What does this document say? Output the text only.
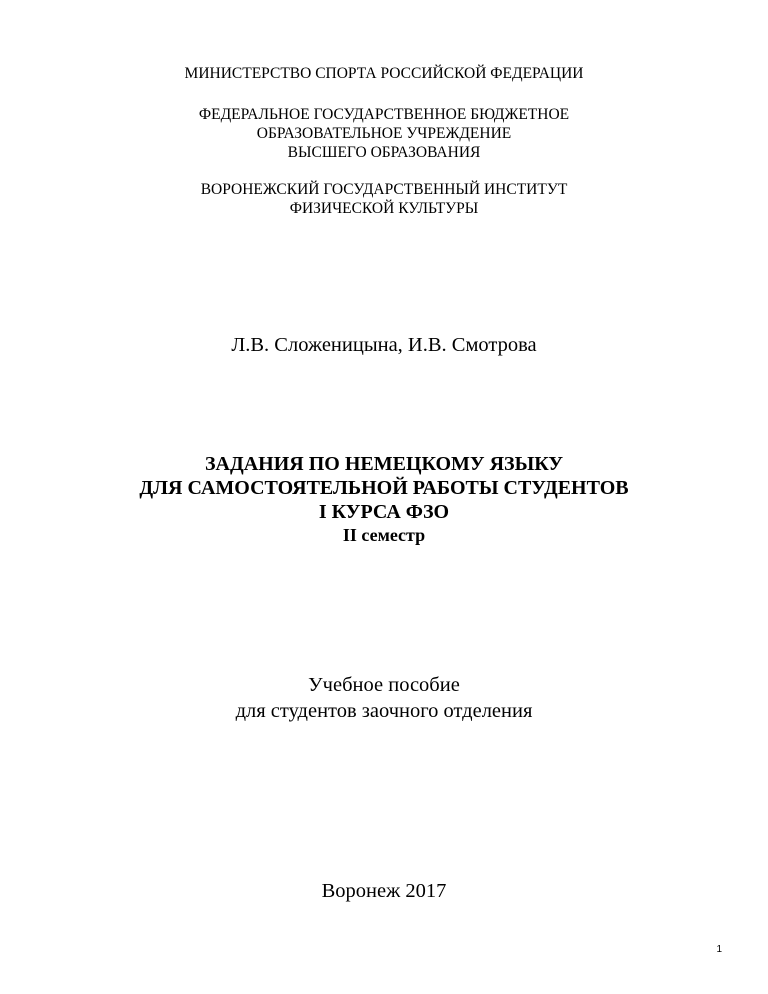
МИНИСТЕРСТВО СПОРТА РОССИЙСКОЙ ФЕДЕРАЦИИ

ФЕДЕРАЛЬНОЕ ГОСУДАРСТВЕННОЕ БЮДЖЕТНОЕ
ОБРАЗОВАТЕЛЬНОЕ УЧРЕЖДЕНИЕ
ВЫСШЕГО ОБРАЗОВАНИЯ
ВОРОНЕЖСКИЙ ГОСУДАРСТВЕННЫЙ ИНСТИТУТ
ФИЗИЧЕСКОЙ КУЛЬТУРЫ

Л.В. Сложеницына, И.В. Смотрова

ЗАДАНИЯ ПО НЕМЕЦКОМУ ЯЗЫКУ
ДЛЯ САМОСТОЯТЕЛЬНОЙ РАБОТЫ СТУДЕНТОВ
I КУРСА ФЗО
II семестр
Учебное пособие
для студентов заочного отделения

Воронеж 2017

1
